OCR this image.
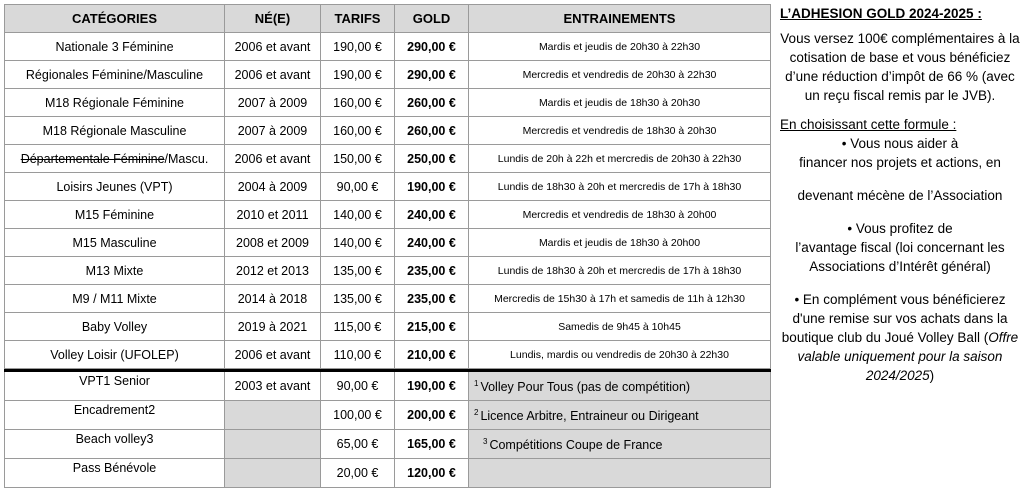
CATÉGORIES	NÉ(E)	TARIFS	GOLD	ENTRAINEMENTS
Nationale 3 Féminine	2006 et avant	190,00 €	290,00 €	Mardis et jeudis de 20h30 à 22h30
Régionales Féminine/Masculine	2006 et avant	190,00 €	290,00 €	Mercredis et vendredis de 20h30 à 22h30
M18 Régionale Féminine	2007 à 2009	160,00 €	260,00 €	Mardis et jeudis de 18h30 à 20h30
M18 Régionale Masculine	2007 à 2009	160,00 €	260,00 €	Mercredis et vendredis de 18h30 à 20h30
Départementale Féminine/Mascu.	2006 et avant	150,00 €	250,00 €	Lundis de 20h à 22h et mercredis de 20h30 à 22h30
Loisirs Jeunes (VPT)	2004 à 2009	90,00 €	190,00 €	Lundis de 18h30 à 20h et mercredis de 17h à 18h30
M15 Féminine	2010 et 2011	140,00 €	240,00 €	Mercredis et vendredis de 18h30 à 20h00
M15 Masculine	2008 et 2009	140,00 €	240,00 €	Mardis et jeudis de 18h30 à 20h00
M13 Mixte	2012 et 2013	135,00 €	235,00 €	Lundis de 18h30 à 20h et mercredis de 17h à 18h30
M9 / M11 Mixte	2014 à 2018	135,00 €	235,00 €	Mercredis de 15h30 à 17h et samedis de 11h à 12h30
Baby Volley	2019 à 2021	115,00 €	215,00 €	Samedis de 9h45 à 10h45
Volley Loisir (UFOLEP)	2006 et avant	110,00 €	210,00 €	Lundis, mardis ou vendredis de 20h30 à 22h30

VPT1 Senior	2003 et avant	90,00 €	190,00 €	$^1$ Volley Pour Tous (pas de compétition)
Encadrement2		100,00 €	200,00 €	$^2$ Licence Arbitre, Entraineur ou Dirigeant
Beach volley3		65,00 €	165,00 €	$^3$ Compétitions Coupe de France
Pass Bénévole		20,00 €	120,00 €	
L’ADHESION GOLD 2024-2025 :
Vous versez 100€ complémentaires à la cotisation de base et vous bénéficiez d’une réduction d’impôt de 66 % (avec un reçu fiscal remis par le JVB).
En choisissant cette formule :
• Vous nous aider à
financer nos projets et actions, en
devenant mécène de l’Association
• Vous profitez de
l’avantage fiscal (loi concernant les Associations d’Intérêt général)
• En complément vous bénéficierez d'une remise sur vos achats dans la boutique club du Joué Volley Ball (Offre valable uniquement pour la saison 2024/2025)
